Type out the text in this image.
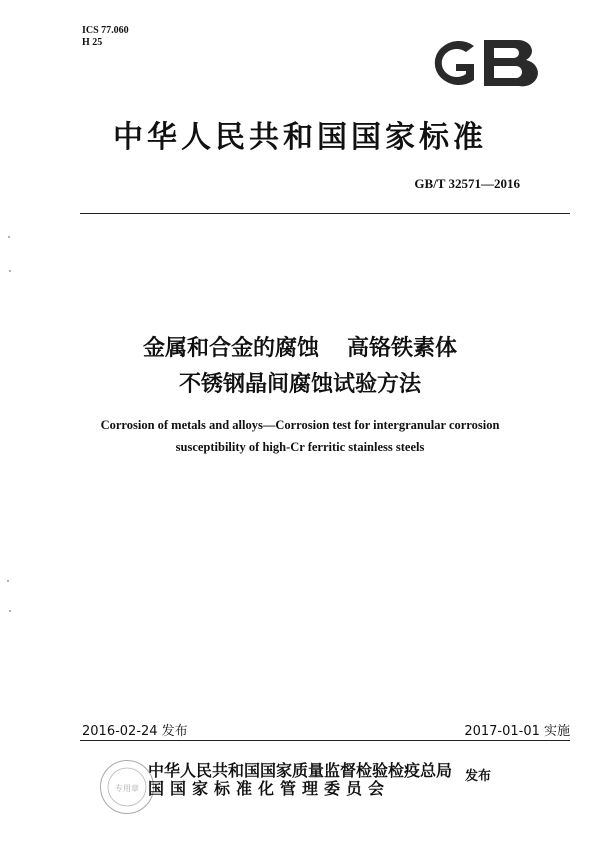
ICS 77.060
H 25
中华人民共和国国家标准
GB/T 32571—2016
金属和合金的腐蚀 高铬铁素体
不锈钢晶间腐蚀试验方法
Corrosion of metals and alloys—Corrosion test for intergranular corrosion
susceptibility of high-Cr ferritic stainless steels
2016-02-24 发布	2017-01-01 实施
专用章
中华人民共和国国家质量监督检验检疫总局
国国家标准化管理委员会
发布
